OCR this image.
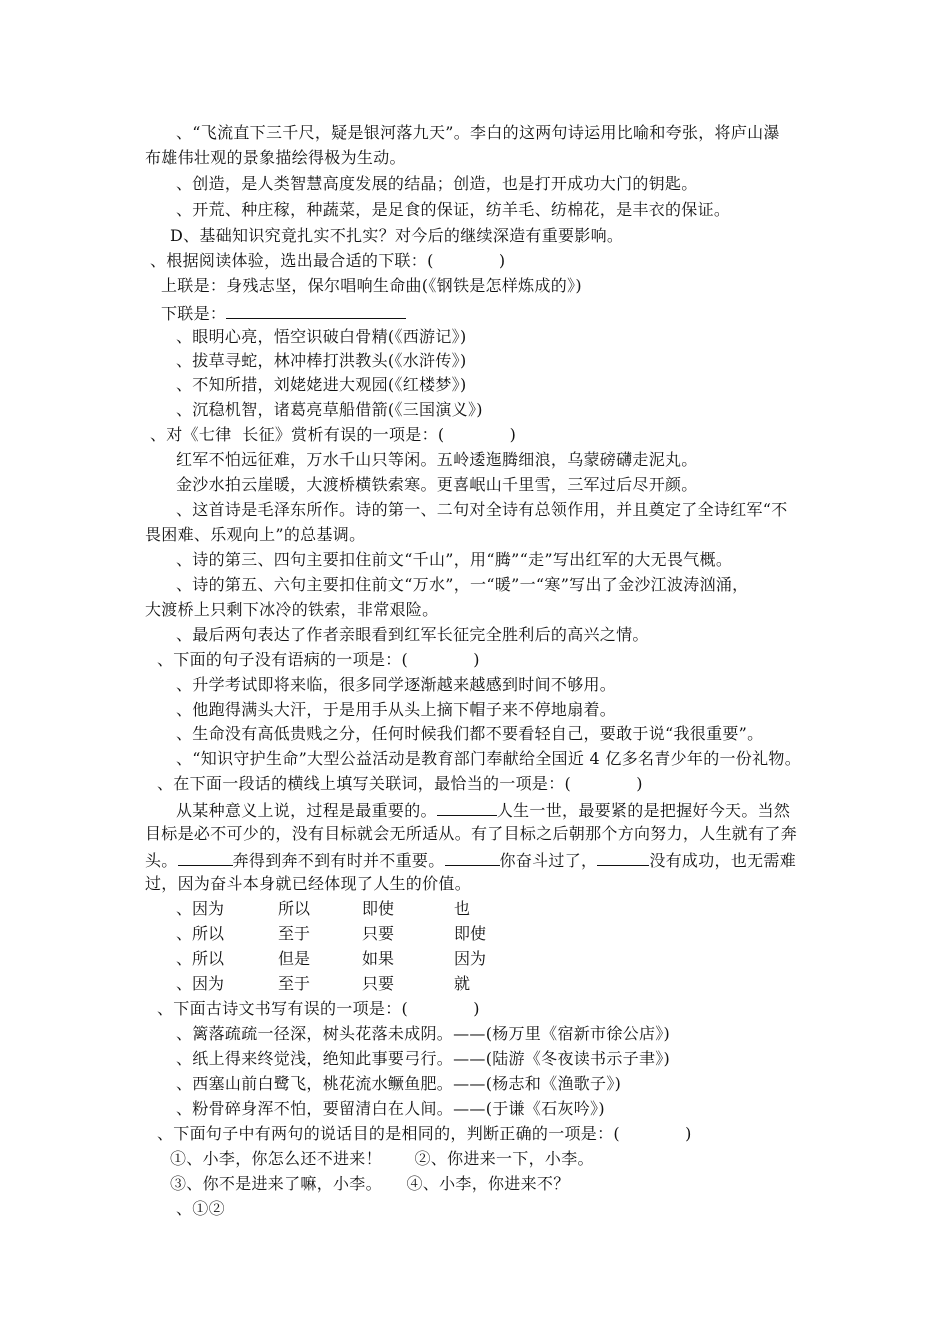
、“飞流直下三千尺，疑是银河落九天”。李白的这两句诗运用比喻和夸张，将庐山瀑
布雄伟壮观的景象描绘得极为生动。
、创造，是人类智慧高度发展的结晶；创造，也是打开成功大门的钥匙。
、开荒、种庄稼，种蔬菜，是足食的保证，纺羊毛、纺棉花，是丰衣的保证。
D、基础知识究竟扎实不扎实？对今后的继续深造有重要影响。
、根据阅读体验，选出最合适的下联：(　　　　)
上联是：身残志坚，保尔唱响生命曲(《钢铁是怎样炼成的》)
下联是：
、眼明心亮，悟空识破白骨精(《西游记》)
、拔草寻蛇，林冲棒打洪教头(《水浒传》)
、不知所措，刘姥姥进大观园(《红楼梦》)
、沉稳机智，诸葛亮草船借箭(《三国演义》)
、对《七律  长征》赏析有误的一项是：(　　　　)
红军不怕远征难，万水千山只等闲。五岭逶迤腾细浪，乌蒙磅礴走泥丸。
金沙水拍云崖暖，大渡桥横铁索寒。更喜岷山千里雪，三军过后尽开颜。
、这首诗是毛泽东所作。诗的第一、二句对全诗有总领作用，并且奠定了全诗红军“不
畏困难、乐观向上”的总基调。
、诗的第三、四句主要扣住前文“千山”，用“腾”“走”写出红军的大无畏气概。
、诗的第五、六句主要扣住前文“万水”，一“暖”一“寒”写出了金沙江波涛汹涌，
大渡桥上只剩下冰冷的铁索，非常艰险。
、最后两句表达了作者亲眼看到红军长征完全胜利后的高兴之情。
、下面的句子没有语病的一项是：(　　　　)
、升学考试即将来临，很多同学逐渐越来越感到时间不够用。
、他跑得满头大汗，于是用手从头上摘下帽子来不停地扇着。
、生命没有高低贵贱之分，任何时候我们都不要看轻自己，要敢于说“我很重要”。
、“知识守护生命”大型公益活动是教育部门奉献给全国近 4 亿多名青少年的一份礼物。
、在下面一段话的横线上填写关联词，最恰当的一项是：(　　　　)
从某种意义上说，过程是最重要的。	人生一世，最要紧的是把握好今天。当然
目标是必不可少的，没有目标就会无所适从。有了目标之后朝那个方向努力，人生就有了奔
头。	奔得到奔不到有时并不重要。	你奋斗过了，	没有成功，也无需难
过，因为奋斗本身就已经体现了人生的价值。
、因为	所以	即使	也
、所以	至于	只要	即使
、所以	但是	如果	因为
、因为	至于	只要	就
、下面古诗文书写有误的一项是：(　　　　)
、篱落疏疏一径深，树头花落未成阴。——(杨万里《宿新市徐公店》)
、纸上得来终觉浅，绝知此事要弓行。——(陆游《冬夜读书示子聿》)
、西塞山前白鹭飞，桃花流水鳜鱼肥。——(杨志和《渔歌子》)
、粉骨碎身浑不怕，要留清白在人间。——(于谦《石灰吟》)
、下面句子中有两句的说话目的是相同的，判断正确的一项是：(　　　　)
①、小李，你怎么还不进来！　　②、你进来一下，小李。
③、你不是进来了嘛，小李。　　④、小李，你进来不？
、①②
